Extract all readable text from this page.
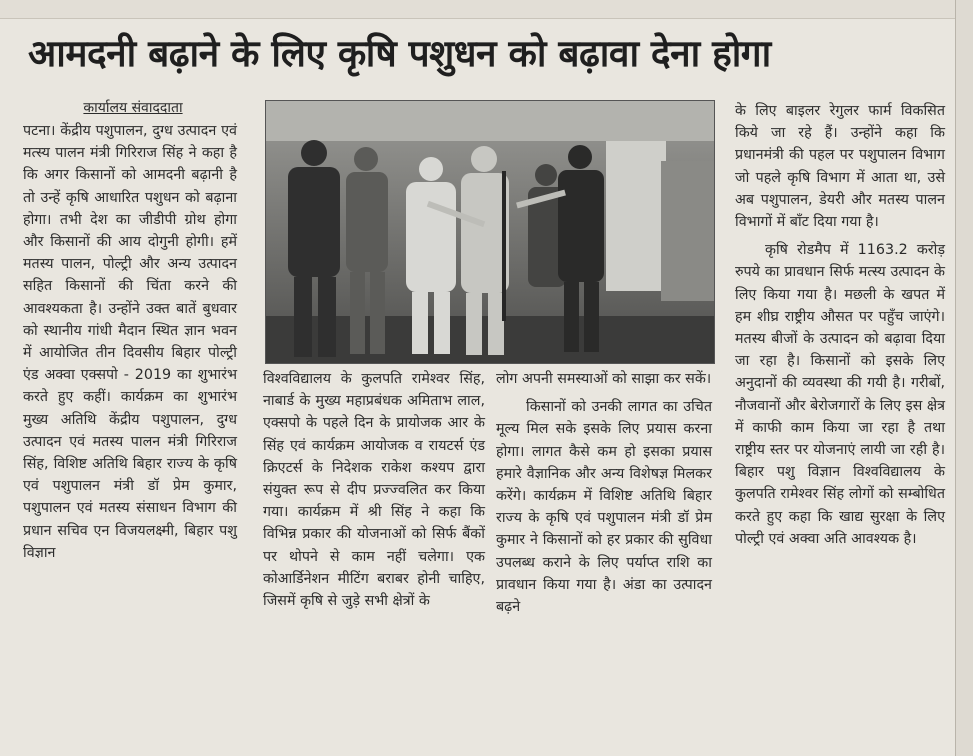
आमदनी बढ़ाने के लिए कृषि पशुधन को बढ़ावा देना होगा
कार्यालय संवाददाता

पटना। केंद्रीय पशुपालन, दुग्ध उत्पादन एवं मत्स्य पालन मंत्री गिरिराज सिंह ने कहा है कि अगर किसानों को आमदनी बढ़ानी है तो उन्हें कृषि आधारित पशुधन को बढ़ाना होगा। तभी देश का जीडीपी ग्रोथ होगा और किसानों की आय दोगुनी होगी। हमें मतस्य पालन, पोल्ट्री और अन्य उत्पादन सहित किसानों की चिंता करने की आवश्यकता है। उन्होंने उक्त बातें बुधवार को स्थानीय गांधी मैदान स्थित ज्ञान भवन में आयोजित तीन दिवसीय बिहार पोल्ट्री एंड अक्वा एक्सपो - 2019 का शुभारंभ करते हुए कहीं। कार्यक्रम का शुभारंभ मुख्य अतिथि केंद्रीय पशुपालन, दुग्ध उत्पादन एवं मतस्य पालन मंत्री गिरिराज सिंह, विशिष्ट अतिथि बिहार राज्य के कृषि एवं पशुपालन मंत्री डॉ प्रेम कुमार, पशुपालन एवं मतस्य संसाधन विभाग की प्रधान सचिव एन विजयलक्ष्मी, बिहार पशु विज्ञान

विश्वविद्यालय के कुलपति रामेश्वर सिंह, नाबार्ड के मुख्य महाप्रबंधक अमिताभ लाल, एक्सपो के पहले दिन के प्रायोजक आर के सिंह एवं कार्यक्रम आयोजक व रायटर्स एंड क्रिएटर्स के निदेशक राकेश कश्यप द्वारा संयुक्त रूप से दीप प्रज्ज्वलित कर किया गया। कार्यक्रम में श्री सिंह ने कहा कि विभिन्न प्रकार की योजनाओं को सिर्फ बैंकों पर थोपने से काम नहीं चलेगा। एक कोआर्डिनेशन मीटिंग बराबर होनी चाहिए, जिसमें कृषि से जुड़े सभी क्षेत्रों के

लोग अपनी समस्याओं को साझा कर सकें।

किसानों को उनकी लागत का उचित मूल्य मिल सके इसके लिए प्रयास करना होगा। लागत कैसे कम हो इसका प्रयास हमारे वैज्ञानिक और अन्य विशेषज्ञ मिलकर करेंगे। कार्यक्रम में विशिष्ट अतिथि बिहार राज्य के कृषि एवं पशुपालन मंत्री डॉ प्रेम कुमार ने किसानों को हर प्रकार की सुविधा उपलब्ध कराने के लिए पर्याप्त राशि का प्रावधान किया गया है। अंडा का उत्पादन बढ़ने

के लिए बाइलर रेगुलर फार्म विकसित किये जा रहे हैं। उन्होंने कहा कि प्रधानमंत्री की पहल पर पशुपालन विभाग जो पहले कृषि विभाग में आता था, उसे अब पशुपालन, डेयरी और मतस्य पालन विभागों में बाँट दिया गया है।

कृषि रोडमैप में 1163.2 करोड़ रुपये का प्रावधान सिर्फ मत्स्य उत्पादन के लिए किया गया है। मछली के खपत में हम शीघ्र राष्ट्रीय औसत पर पहुँच जाएंगे। मतस्य बीजों के उत्पादन को बढ़ावा दिया जा रहा है। किसानों को इसके लिए अनुदानों की व्यवस्था की गयी है। गरीबों, नौजवानों और बेरोजगारों के लिए इस क्षेत्र में काफी काम किया जा रहा है तथा राष्ट्रीय स्तर पर योजनाएं लायी जा रही है। बिहार पशु विज्ञान विश्वविद्यालय के कुलपति रामेश्वर सिंह लोगों को सम्बोधित करते हुए कहा कि खाद्य सुरक्षा के लिए पोल्ट्री एवं अक्वा अति आवश्यक है।
